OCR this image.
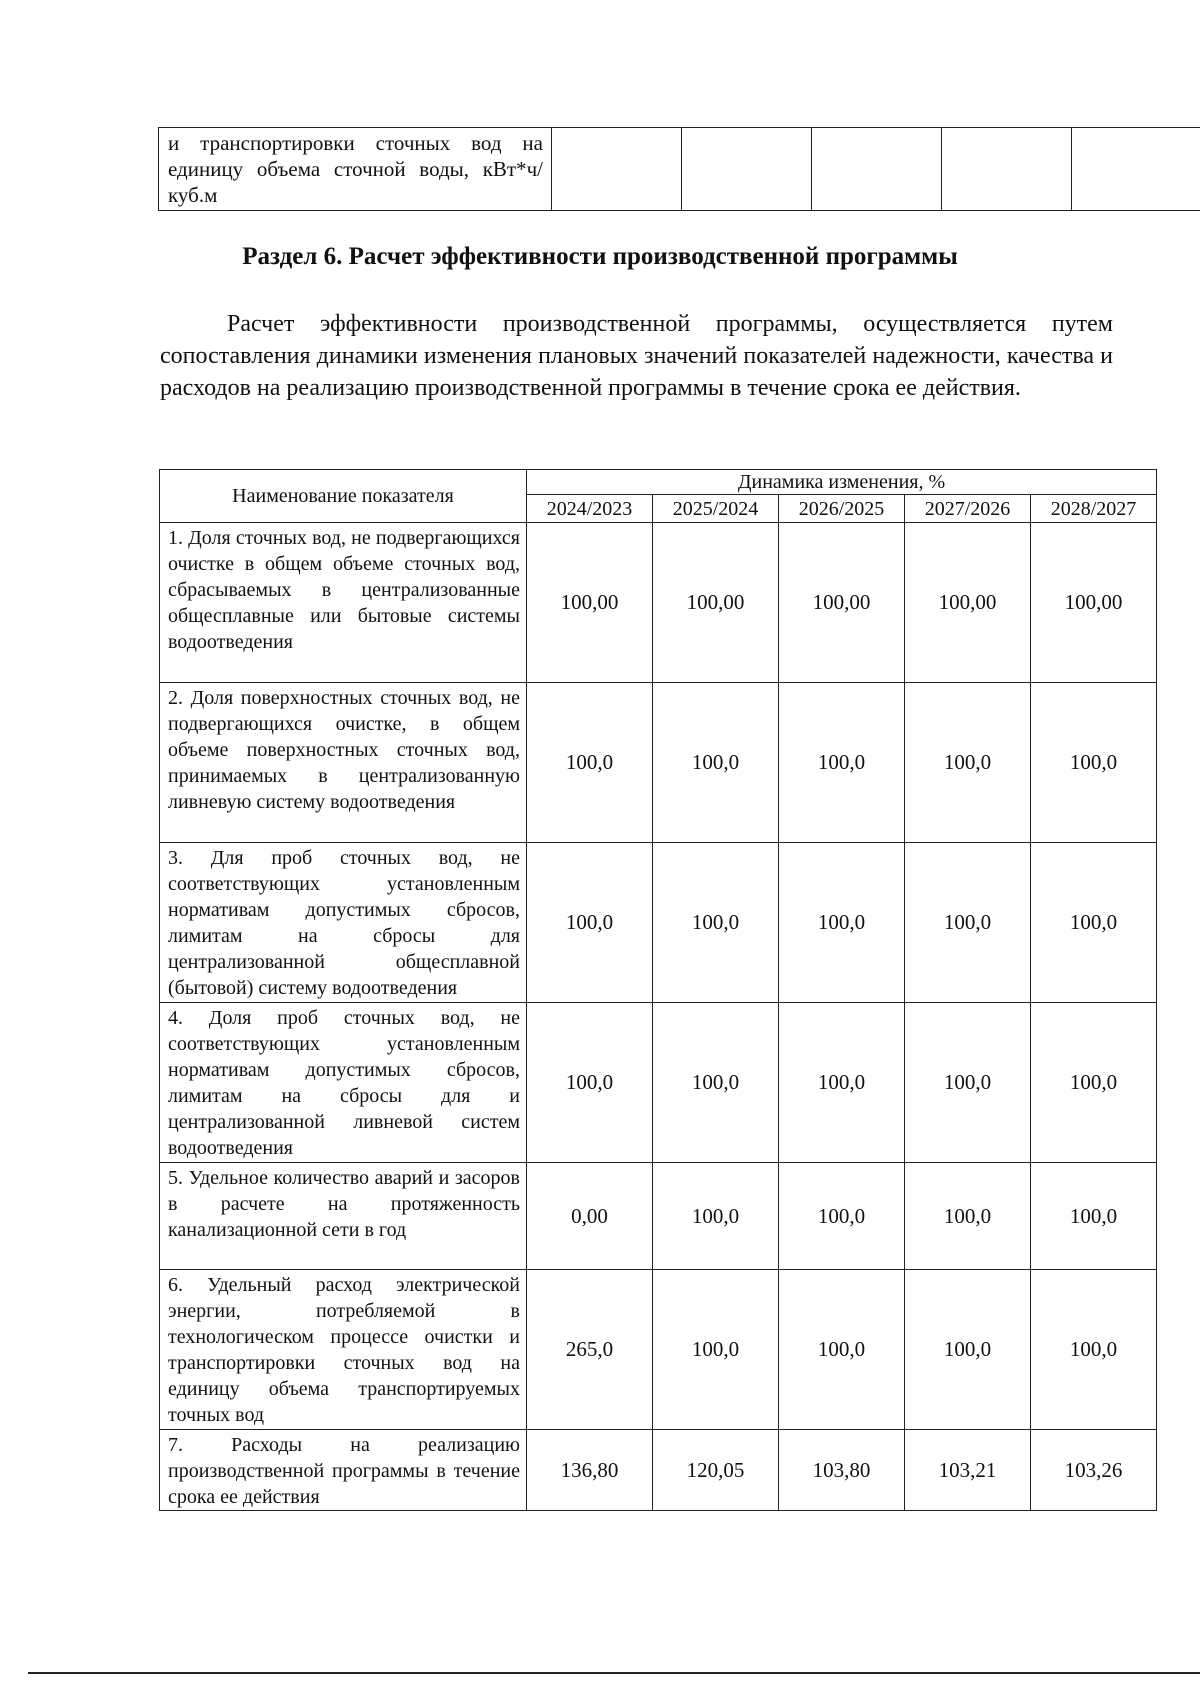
и транспортировки сточных вод на единицу объема сточной воды, кВт*ч/куб.м					
Раздел 6. Расчет эффективности производственной программы

Расчет эффективности производственной программы, осуществляется путем сопоставления динамики изменения плановых значений показателей надежности, качества и расходов на реализацию производственной программы в течение срока ее действия.

Наименование показателя	Динамика изменения, %				
	2024/2023	2025/2024	2026/2025	2027/2026	2028/2027
1. Доля сточных вод, не подвергающихся очистке в общем объеме сточных вод, сбрасываемых в централизованные общесплавные или бытовые системы водоотведения	100,00	100,00	100,00	100,00	100,00
2. Доля поверхностных сточных вод, не подвергающихся очистке, в общем объеме поверхностных сточных вод, принимаемых в централизованную ливневую систему водоотведения	100,0	100,0	100,0	100,0	100,0
3. Для проб сточных вод, не соответствующих установленным нормативам допустимых сбросов, лимитам на сбросы для централизованной общесплавной (бытовой) систему водоотведения	100,0	100,0	100,0	100,0	100,0
4. Доля проб сточных вод, не соответствующих установленным нормативам допустимых сбросов, лимитам на сбросы для и централизованной ливневой систем водоотведения	100,0	100,0	100,0	100,0	100,0
5. Удельное количество аварий и засоров в расчете на протяженность канализационной сети в год	0,00	100,0	100,0	100,0	100,0
6. Удельный расход электрической энергии, потребляемой в технологическом процессе очистки и транспортировки сточных вод на единицу объема транспортируемых точных вод	265,0	100,0	100,0	100,0	100,0
7. Расходы на реализацию производственной программы в течение срока ее действия	136,80	120,05	103,80	103,21	103,26
